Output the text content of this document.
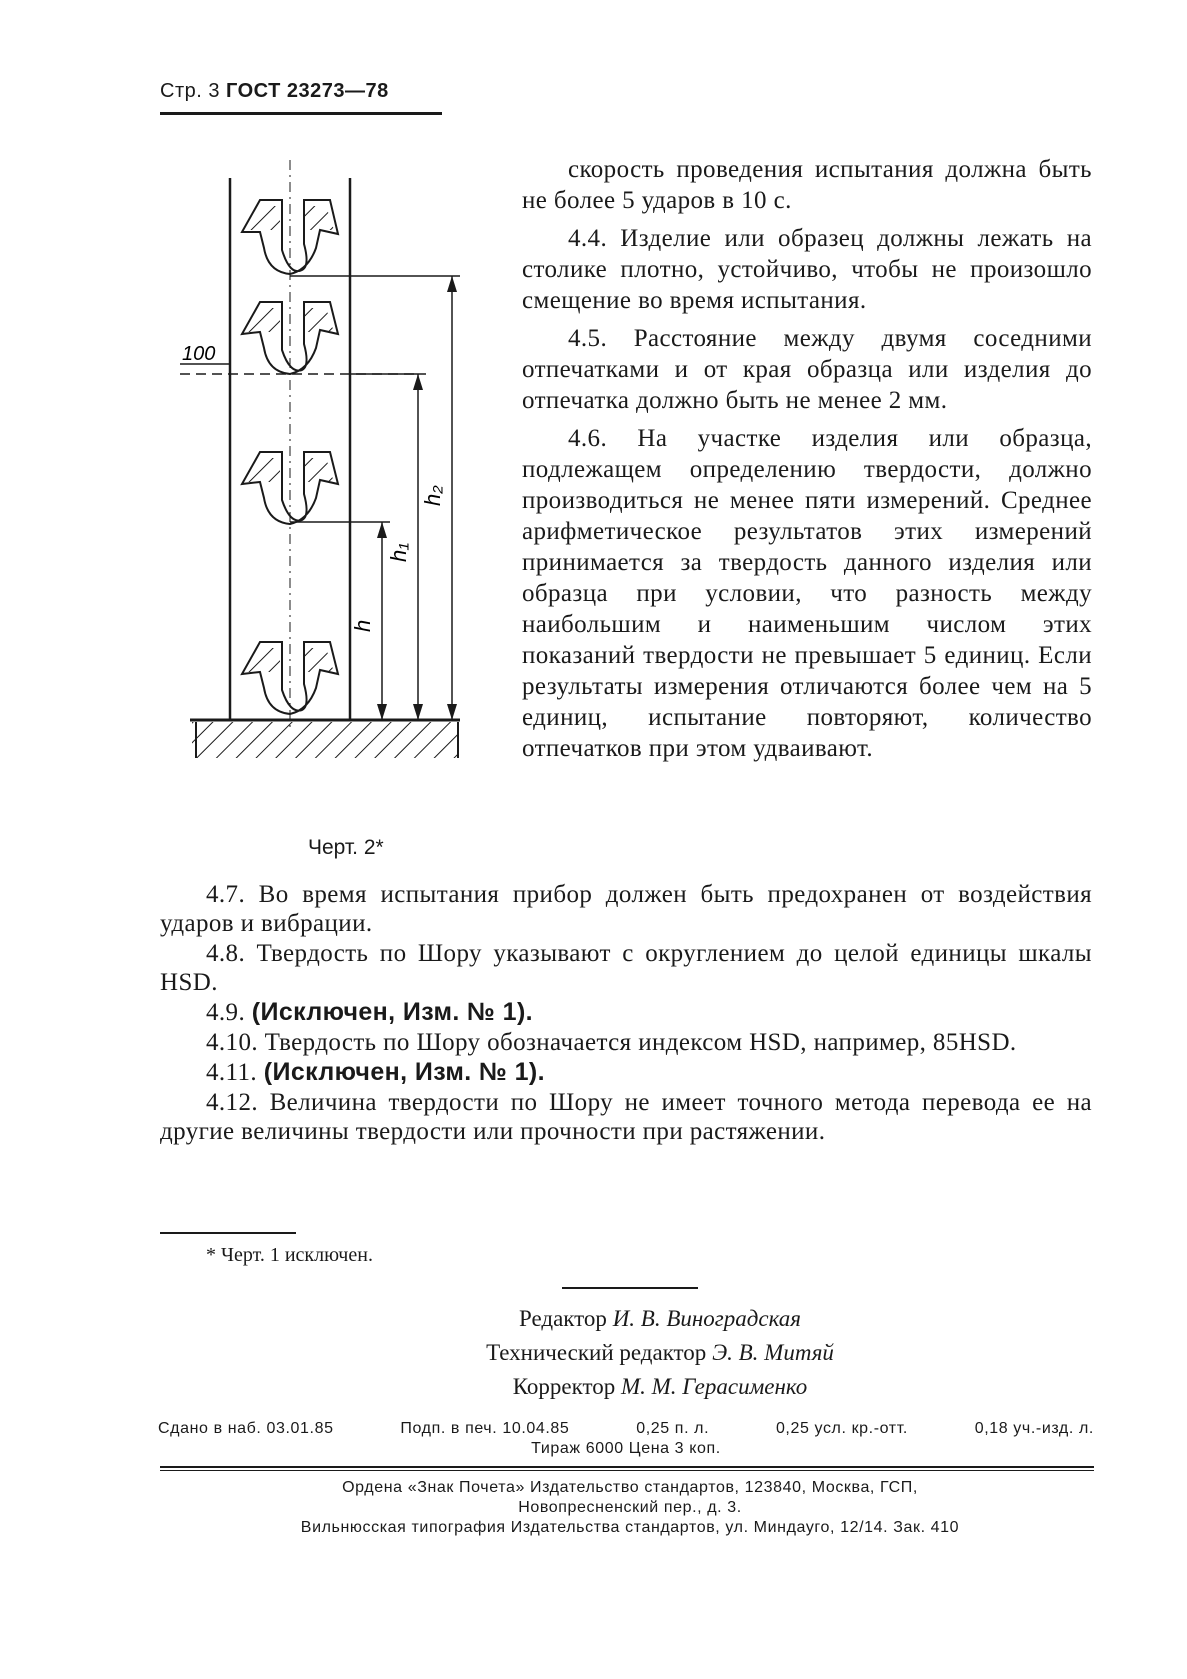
Стр. 3 ГОСТ 23273—78
100
h₂
h₁
h
Черт. 2*

скорость проведения испытания должна быть не более 5 ударов в 10 с.

4.4. Изделие или образец должны лежать на столике плотно, устойчиво, чтобы не произошло смещение во время испытания.

4.5. Расстояние между двумя соседними отпечатками и от края образца или изделия до отпечатка должно быть не менее 2 мм.

4.6. На участке изделия или образца, подлежащем определению твердости, должно производиться не менее пяти измерений. Среднее арифметическое результатов этих измерений принимается за твердость данного изделия или образца при условии, что разность между наибольшим и наименьшим числом этих показаний твердости не превышает 5 единиц. Если результаты измерения отличаются более чем на 5 единиц, испытание повторяют, количество отпечатков при этом удваивают.

4.7. Во время испытания прибор должен быть предохранен от воздействия ударов и вибрации.

4.8. Твердость по Шору указывают с округлением до целой единицы шкалы HSD.

4.9. (Исключен, Изм. № 1).

4.10. Твердость по Шору обозначается индексом HSD, например, 85HSD.

4.11. (Исключен, Изм. № 1).

4.12. Величина твердости по Шору не имеет точного метода перевода ее на другие величины твердости или прочности при растяжении.

* Черт. 1 исключен.
Редактор И. В. Виноградская
Технический редактор Э. В. Митяй
Корректор М. М. Герасименко
Сдано в наб. 03.01.85	Подп. в печ. 10.04.85	0,25 п. л.	0,25 усл. кр.-отт.	0,18 уч.-изд. л.
Тираж 6000 Цена 3 коп.
Ордена «Знак Почета» Издательство стандартов, 123840, Москва, ГСП,
Новопресненский пер., д. 3.
Вильнюсская типография Издательства стандартов, ул. Миндауго, 12/14. Зак. 410
